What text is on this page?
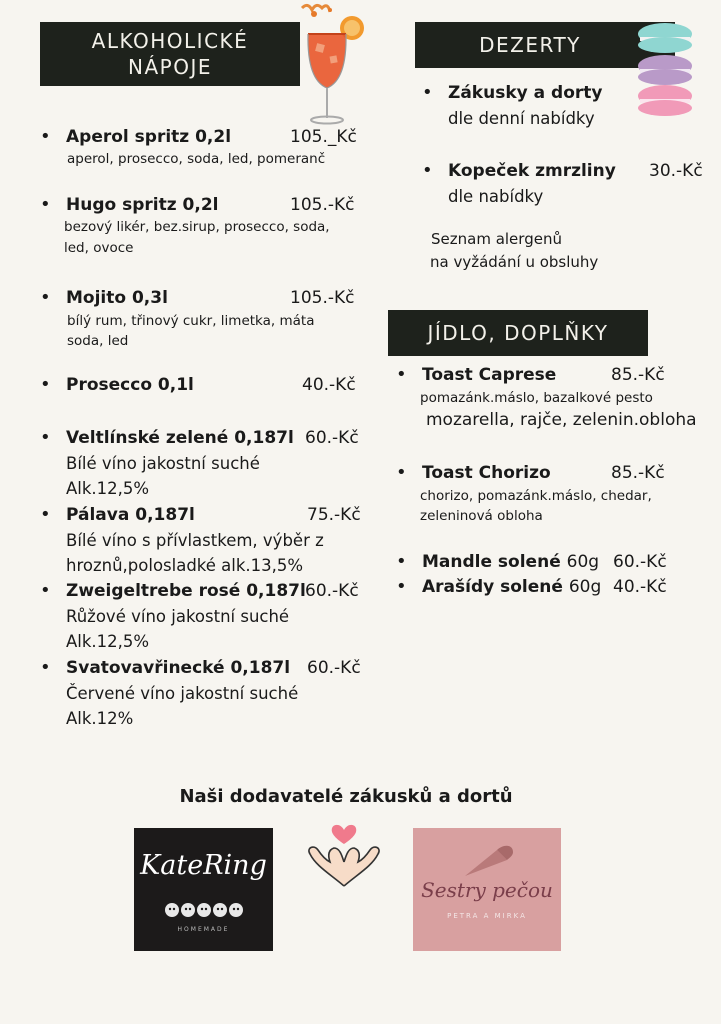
ALKOHOLICKÉ
NÁPOJE
• Aperol spritz 0,2l	105._Kč
aperol, prosecco, soda, led, pomeranč
• Hugo spritz 0,2l	105.-Kč
bezový likér, bez.sirup, prosecco, soda,
led, ovoce
• Mojito 0,3l	105.-Kč
bílý rum, třinový cukr, limetka, máta
soda, led
• Prosecco 0,1l	40.-Kč
• Veltlínské zelené 0,187l 60.-Kč
Bílé víno jakostní suché
Alk.12,5%
• Pálava 0,187l	75.-Kč
Bílé víno s přívlastkem, výběr z
hroznů,polosladké alk.13,5%
• Zweigeltrebe rosé 0,187l 60.-Kč
Růžové víno jakostní suché
Alk.12,5%
• Svatovavřinecké 0,187l 60.-Kč
Červené víno jakostní suché
Alk.12%
DEZERTY
• Zákusky a dorty
dle denní nabídky
• Kopeček zmrzliny 30.-Kč
dle nabídky
Seznam alergenů
na vyžádání u obsluhy
JÍDLO, DOPLŇKY
• Toast Caprese	85.-Kč
pomazánk.máslo, bazalkové pesto
mozarella, rajče, zelenin.obloha
• Toast Chorizo	85.-Kč
chorizo, pomazánk.máslo, chedar,
zeleninová obloha
• Mandle solené 60g 60.-Kč
• Arašídy solené 60g 40.-Kč
Naši dodavatelé zákusků a dortů
KateRing
HOMEMADE
Sestry pečou
PETRA A MIRKA
